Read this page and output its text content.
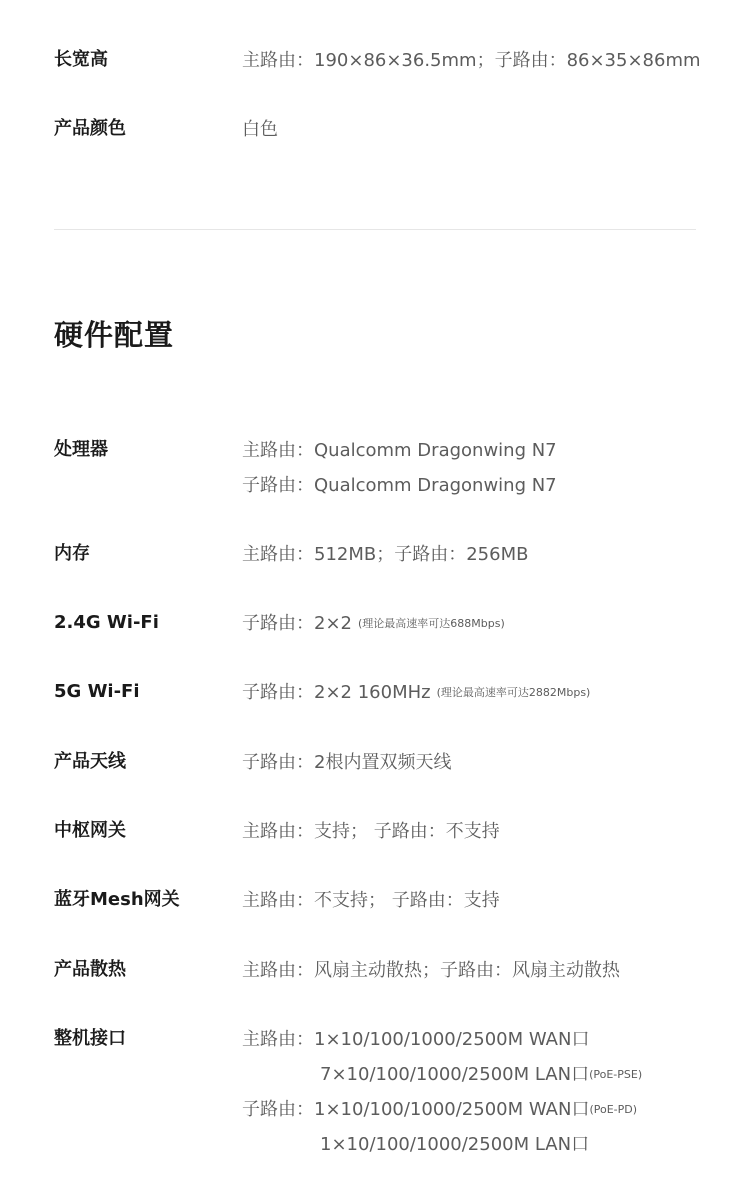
长宽高	主路由：190×86×36.5mm；子路由：86×35×86mm
产品颜色	白色
硬件配置
处理器	主路由：Qualcomm Dragonwing N7
子路由：Qualcomm Dragonwing N7
内存	主路由：512MB；子路由：256MB
2.4G Wi-Fi	子路由：2×2 (理论最高速率可达688Mbps)
5G Wi-Fi	子路由：2×2 160MHz (理论最高速率可达2882Mbps)
产品天线	子路由：2根内置双频天线
中枢网关	主路由：支持； 子路由：不支持
蓝牙Mesh网关	主路由：不支持； 子路由：支持
产品散热	主路由：风扇主动散热；子路由：风扇主动散热
整机接口	主路由：1×10/100/1000/2500M WAN口
7×10/100/1000/2500M LAN口(PoE-PSE)
子路由：1×10/100/1000/2500M WAN口(PoE-PD)
1×10/100/1000/2500M LAN口
